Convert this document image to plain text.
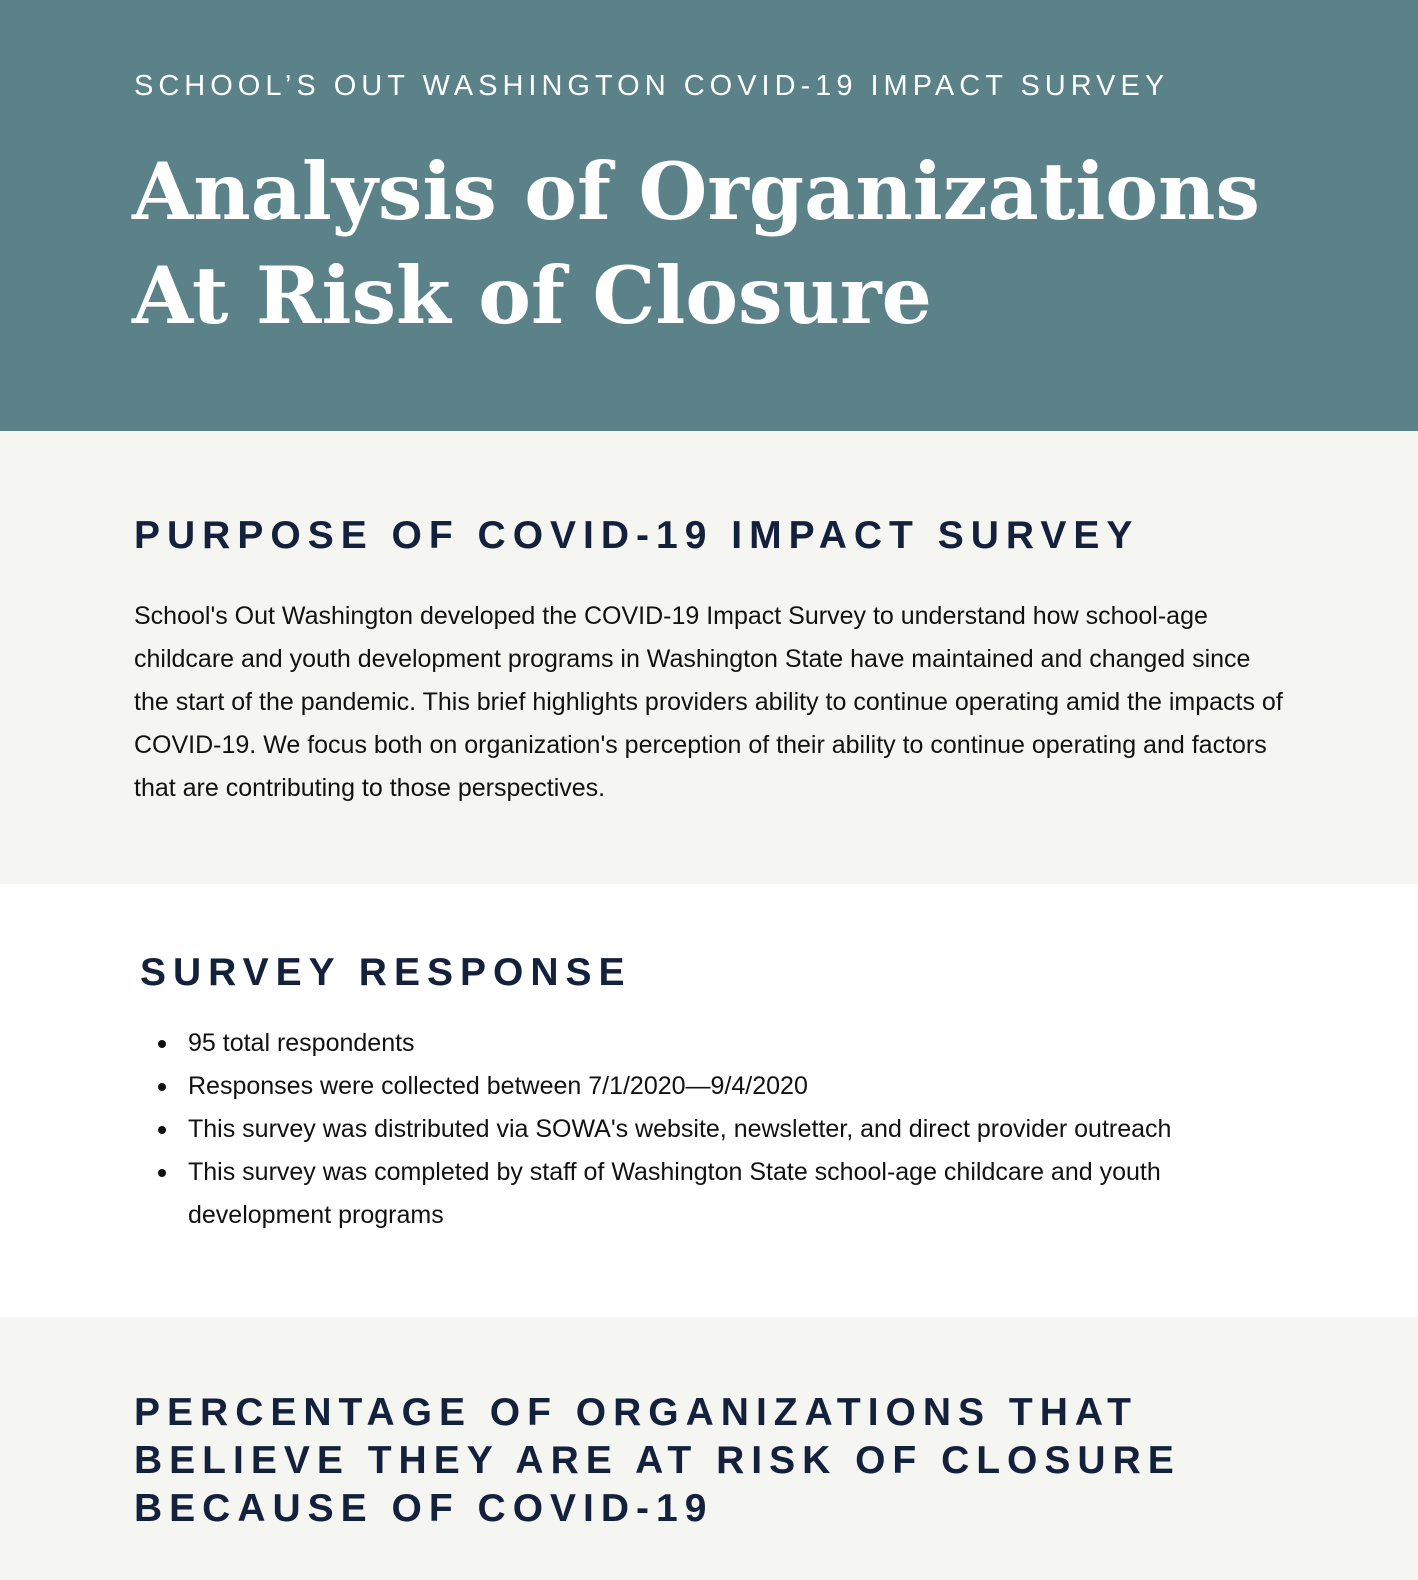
SCHOOL’S OUT WASHINGTON COVID-19 IMPACT SURVEY

Analysis of Organizations
At Risk of Closure
PURPOSE OF COVID-19 IMPACT SURVEY

School's Out Washington developed the COVID-19 Impact Survey to understand how school-age childcare and youth development programs in Washington State have maintained and changed since the start of the pandemic. This brief highlights providers ability to continue operating amid the impacts of COVID-19. We focus both on organization's perception of their ability to continue operating and factors that are contributing to those perspectives.

SURVEY RESPONSE
95 total respondents
Responses were collected between 7/1/2020—9/4/2020
This survey was distributed via SOWA's website, newsletter, and direct provider outreach
This survey was completed by staff of Washington State school-age childcare and youth development programs
PERCENTAGE OF ORGANIZATIONS THAT
BELIEVE THEY ARE AT RISK OF CLOSURE
BECAUSE OF COVID-19
